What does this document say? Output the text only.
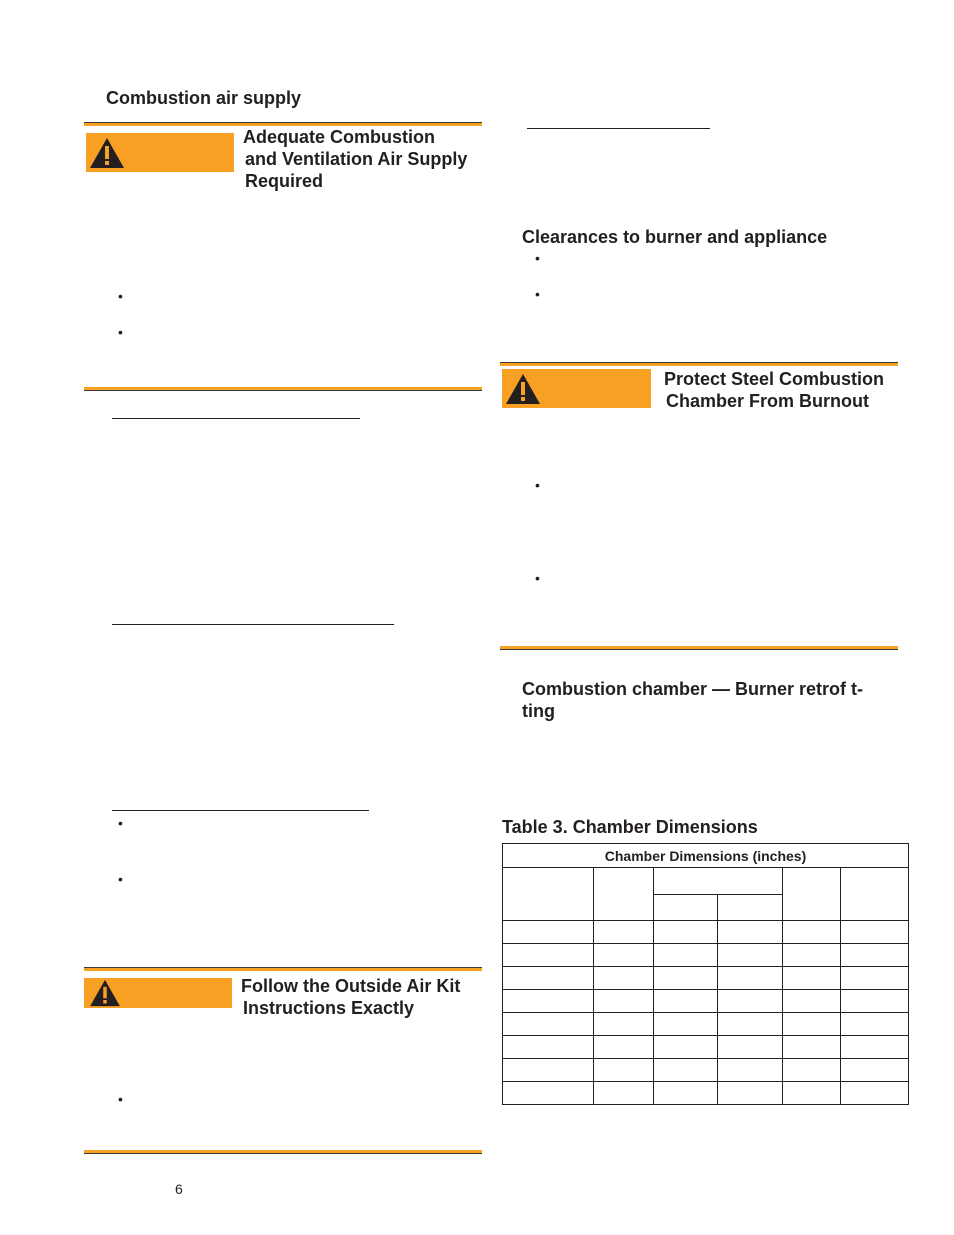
Combustion air supply
Adequate Combustion
and Ventilation Air Supply
Required
•
•
•
•
Follow the Outside Air Kit
Instructions Exactly
•
6
Clearances to burner and appliance
•
•
Protect Steel Combustion
Chamber From Burnout
•
•
Combustion chamber — Burner retrof t-
ting
Table 3. Chamber Dimensions
Chamber Dimensions (inches)					
